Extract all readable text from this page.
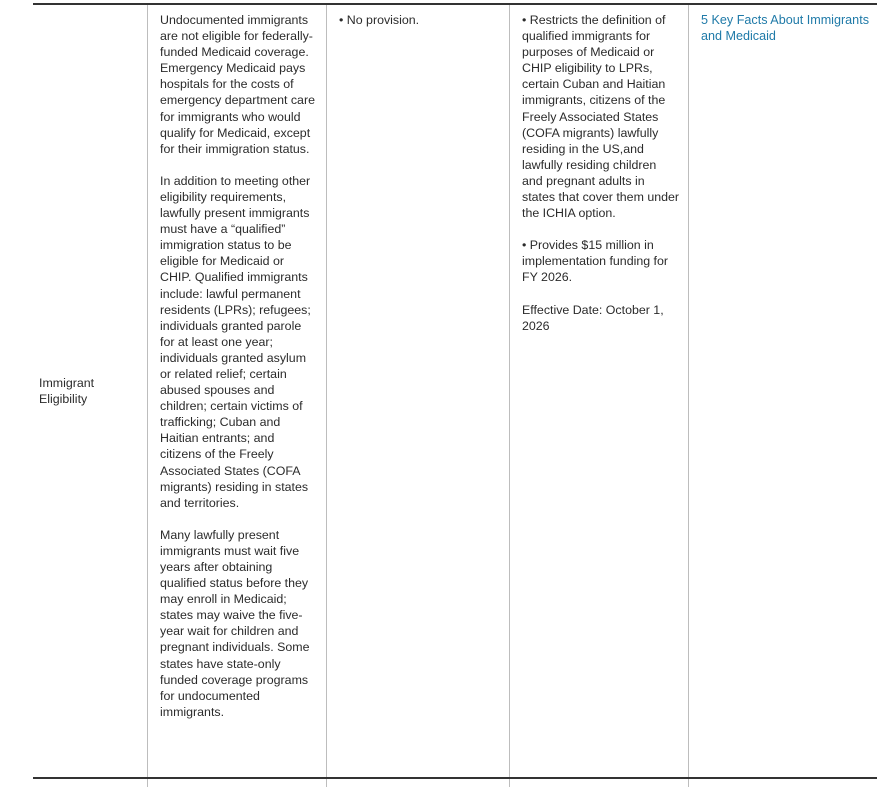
Immigrant Eligibility

Undocumented immigrants are not eligible for federally-funded Medicaid coverage. Emergency Medicaid pays hospitals for the costs of emergency department care for immigrants who would qualify for Medicaid, except for their immigration status.

In addition to meeting other eligibility requirements, lawfully present immigrants must have a “qualified” immigration status to be eligible for Medicaid or CHIP. Qualified immigrants include: lawful permanent residents (LPRs); refugees; individuals granted parole for at least one year; individuals granted asylum or related relief; certain abused spouses and children; certain victims of trafficking; Cuban and Haitian entrants; and citizens of the Freely Associated States (COFA migrants) residing in states and territories.

Many lawfully present immigrants must wait five years after obtaining qualified status before they may enroll in Medicaid; states may waive the five-year wait for children and pregnant individuals. Some states have state-only funded coverage programs for undocumented immigrants.

• No provision.	• Restricts the definition of qualified immigrants for purposes of Medicaid or CHIP eligibility to LPRs, certain Cuban and Haitian immigrants, citizens of the Freely Associated States (COFA migrants) lawfully residing in the US,and lawfully residing children and pregnant adults in states that cover them under the ICHIA option.

• Provides $15 million in implementation funding for FY 2026.

Effective Date: October 1, 2026

5 Key Facts About Immigrants and Medicaid
